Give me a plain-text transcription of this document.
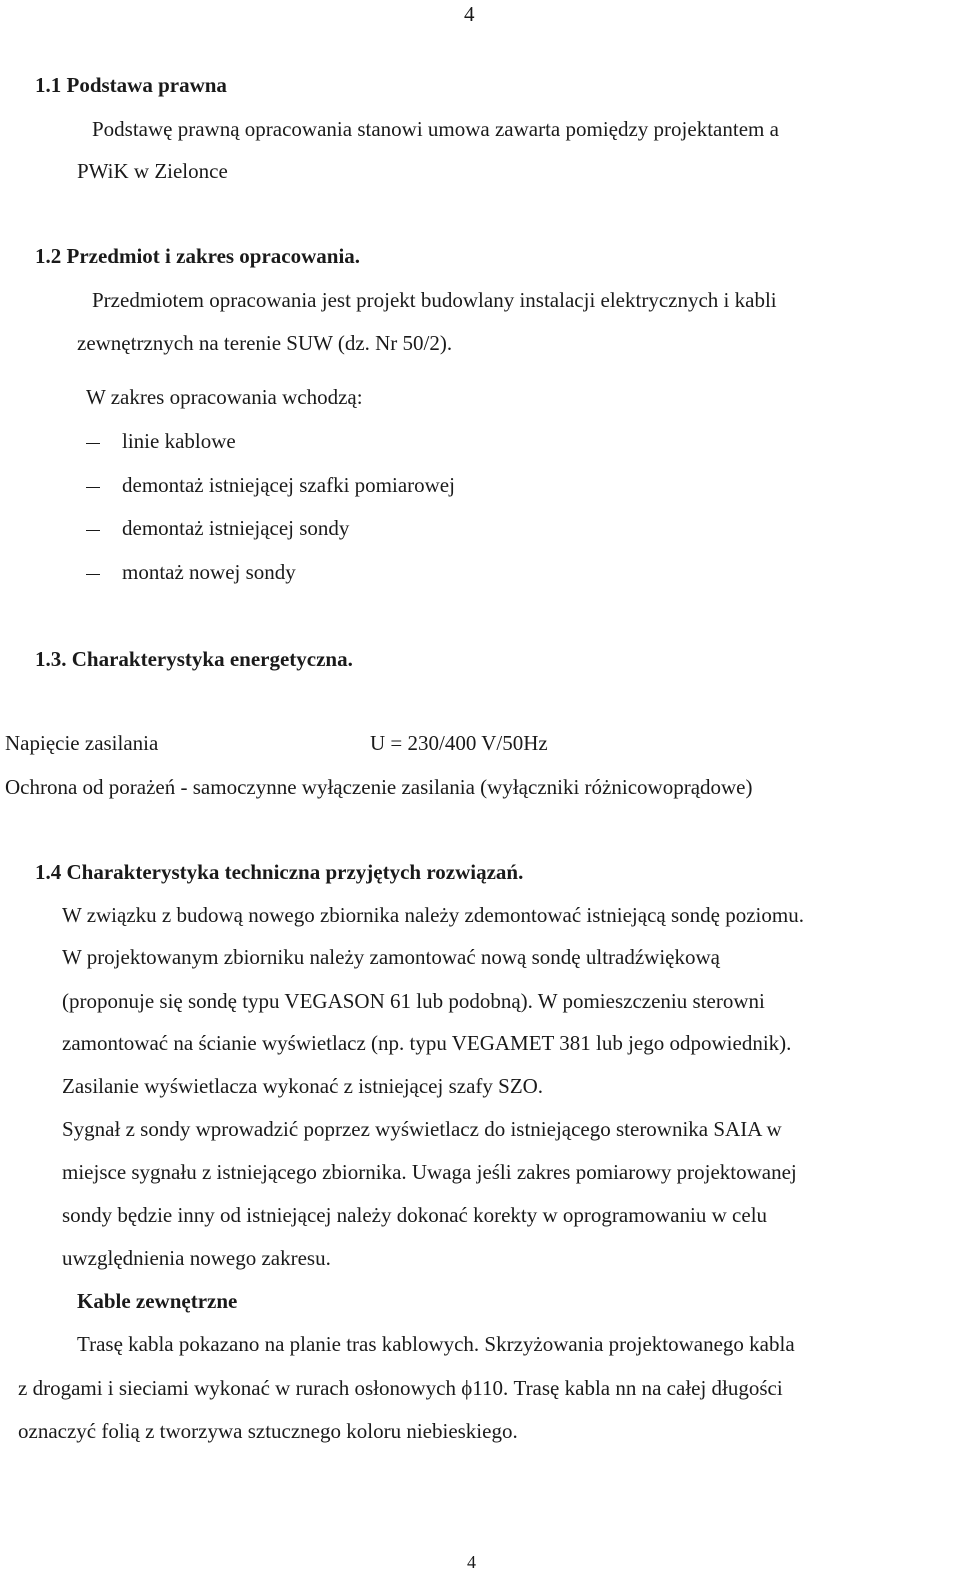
4
1.1 Podstawa prawna
Podstawę prawną opracowania stanowi umowa zawarta pomiędzy projektantem a
PWiK w Zielonce
1.2 Przedmiot i zakres opracowania.
Przedmiotem opracowania jest projekt budowlany instalacji elektrycznych i kabli
zewnętrznych na terenie SUW (dz. Nr 50/2).
W zakres opracowania wchodzą:
linie kablowe
demontaż istniejącej szafki pomiarowej
demontaż istniejącej sondy
montaż nowej sondy
1.3. Charakterystyka energetyczna.
Napięcie zasilania	U = 230/400 V/50Hz
Ochrona od porażeń - samoczynne wyłączenie zasilania (wyłączniki różnicowoprądowe)
1.4 Charakterystyka techniczna przyjętych rozwiązań.
W związku z budową nowego zbiornika należy zdemontować istniejącą sondę poziomu.
W projektowanym zbiorniku należy zamontować nową sondę ultradźwiękową
(proponuje się sondę typu VEGASON 61 lub podobną). W pomieszczeniu sterowni
zamontować na ścianie wyświetlacz (np. typu VEGAMET 381 lub jego odpowiednik).
Zasilanie wyświetlacza wykonać z istniejącej szafy SZO.
Sygnał z sondy wprowadzić poprzez wyświetlacz do istniejącego sterownika SAIA w
miejsce sygnału z istniejącego zbiornika. Uwaga jeśli zakres pomiarowy projektowanej
sondy będzie inny od istniejącej należy dokonać korekty w oprogramowaniu w celu
uwzględnienia nowego zakresu.
Kable zewnętrzne
Trasę kabla pokazano na planie tras kablowych. Skrzyżowania projektowanego kabla
z drogami i sieciami wykonać w rurach osłonowych ϕ110. Trasę kabla nn na całej długości
oznaczyć folią z tworzywa sztucznego koloru niebieskiego.
4
